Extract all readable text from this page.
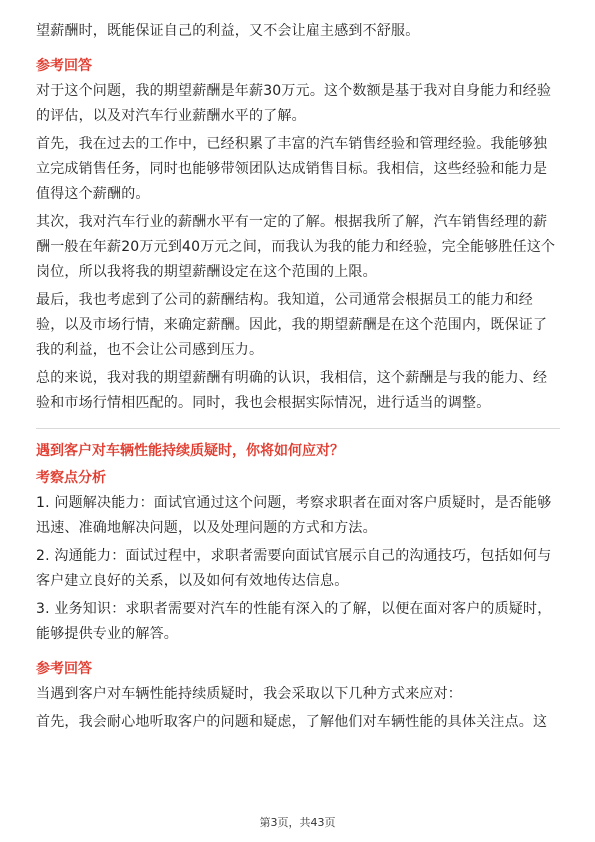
望薪酬时，既能保证自己的利益，又不会让雇主感到不舒服。

参考回答

对于这个问题，我的期望薪酬是年薪30万元。这个数额是基于我对自身能力和经验的评估，以及对汽车行业薪酬水平的了解。

首先，我在过去的工作中，已经积累了丰富的汽车销售经验和管理经验。我能够独立完成销售任务，同时也能够带领团队达成销售目标。我相信，这些经验和能力是值得这个薪酬的。

其次，我对汽车行业的薪酬水平有一定的了解。根据我所了解，汽车销售经理的薪酬一般在年薪20万元到40万元之间，而我认为我的能力和经验，完全能够胜任这个岗位，所以我将我的期望薪酬设定在这个范围的上限。

最后，我也考虑到了公司的薪酬结构。我知道，公司通常会根据员工的能力和经验，以及市场行情，来确定薪酬。因此，我的期望薪酬是在这个范围内，既保证了我的利益，也不会让公司感到压力。

总的来说，我对我的期望薪酬有明确的认识，我相信，这个薪酬是与我的能力、经验和市场行情相匹配的。同时，我也会根据实际情况，进行适当的调整。

遇到客户对车辆性能持续质疑时，你将如何应对？

考察点分析

1. 问题解决能力：面试官通过这个问题，考察求职者在面对客户质疑时，是否能够迅速、准确地解决问题，以及处理问题的方式和方法。

2. 沟通能力：面试过程中，求职者需要向面试官展示自己的沟通技巧，包括如何与客户建立良好的关系，以及如何有效地传达信息。

3. 业务知识：求职者需要对汽车的性能有深入的了解，以便在面对客户的质疑时，能够提供专业的解答。

参考回答

当遇到客户对车辆性能持续质疑时，我会采取以下几种方式来应对：

首先，我会耐心地听取客户的问题和疑虑，了解他们对车辆性能的具体关注点。这

第3页，共43页
